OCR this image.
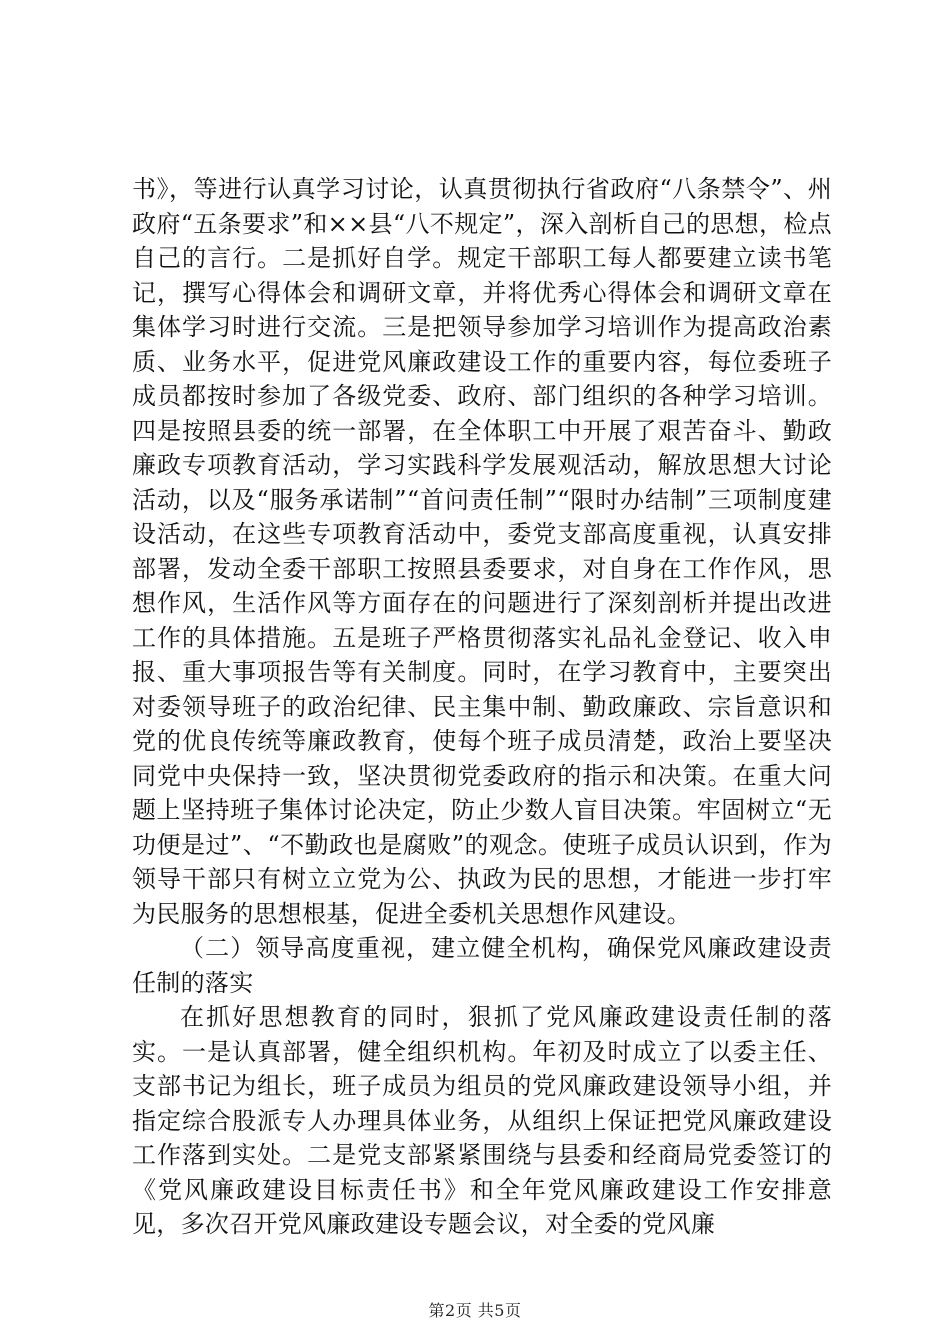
书》，等进行认真学习讨论，认真贯彻执行省政府“八条禁令”、州政府“五条要求”和××县“八不规定”，深入剖析自己的思想，检点自己的言行。二是抓好自学。规定干部职工每人都要建立读书笔记，撰写心得体会和调研文章，并将优秀心得体会和调研文章在集体学习时进行交流。三是把领导参加学习培训作为提高政治素质、业务水平，促进党风廉政建设工作的重要内容，每位委班子成员都按时参加了各级党委、政府、部门组织的各种学习培训。四是按照县委的统一部署，在全体职工中开展了艰苦奋斗、勤政廉政专项教育活动，学习实践科学发展观活动，解放思想大讨论活动，以及“服务承诺制”“首问责任制”“限时办结制”三项制度建设活动，在这些专项教育活动中，委党支部高度重视，认真安排部署，发动全委干部职工按照县委要求，对自身在工作作风，思想作风，生活作风等方面存在的问题进行了深刻剖析并提出改进工作的具体措施。五是班子严格贯彻落实礼品礼金登记、收入申报、重大事项报告等有关制度。同时，在学习教育中，主要突出对委领导班子的政治纪律、民主集中制、勤政廉政、宗旨意识和党的优良传统等廉政教育，使每个班子成员清楚，政治上要坚决同党中央保持一致，坚决贯彻党委政府的指示和决策。在重大问题上坚持班子集体讨论决定，防止少数人盲目决策。牢固树立“无功便是过”、“不勤政也是腐败”的观念。使班子成员认识到，作为领导干部只有树立立党为公、执政为民的思想，才能进一步打牢为民服务的思想根基，促进全委机关思想作风建设。

（二）领导高度重视，建立健全机构，确保党风廉政建设责任制的落实

在抓好思想教育的同时，狠抓了党风廉政建设责任制的落实。一是认真部署，健全组织机构。年初及时成立了以委主任、支部书记为组长，班子成员为组员的党风廉政建设领导小组，并指定综合股派专人办理具体业务，从组织上保证把党风廉政建设工作落到实处。二是党支部紧紧围绕与县委和经商局党委签订的《党风廉政建设目标责任书》和全年党风廉政建设工作安排意见，多次召开党风廉政建设专题会议，对全委的党风廉

第2页 共5页
